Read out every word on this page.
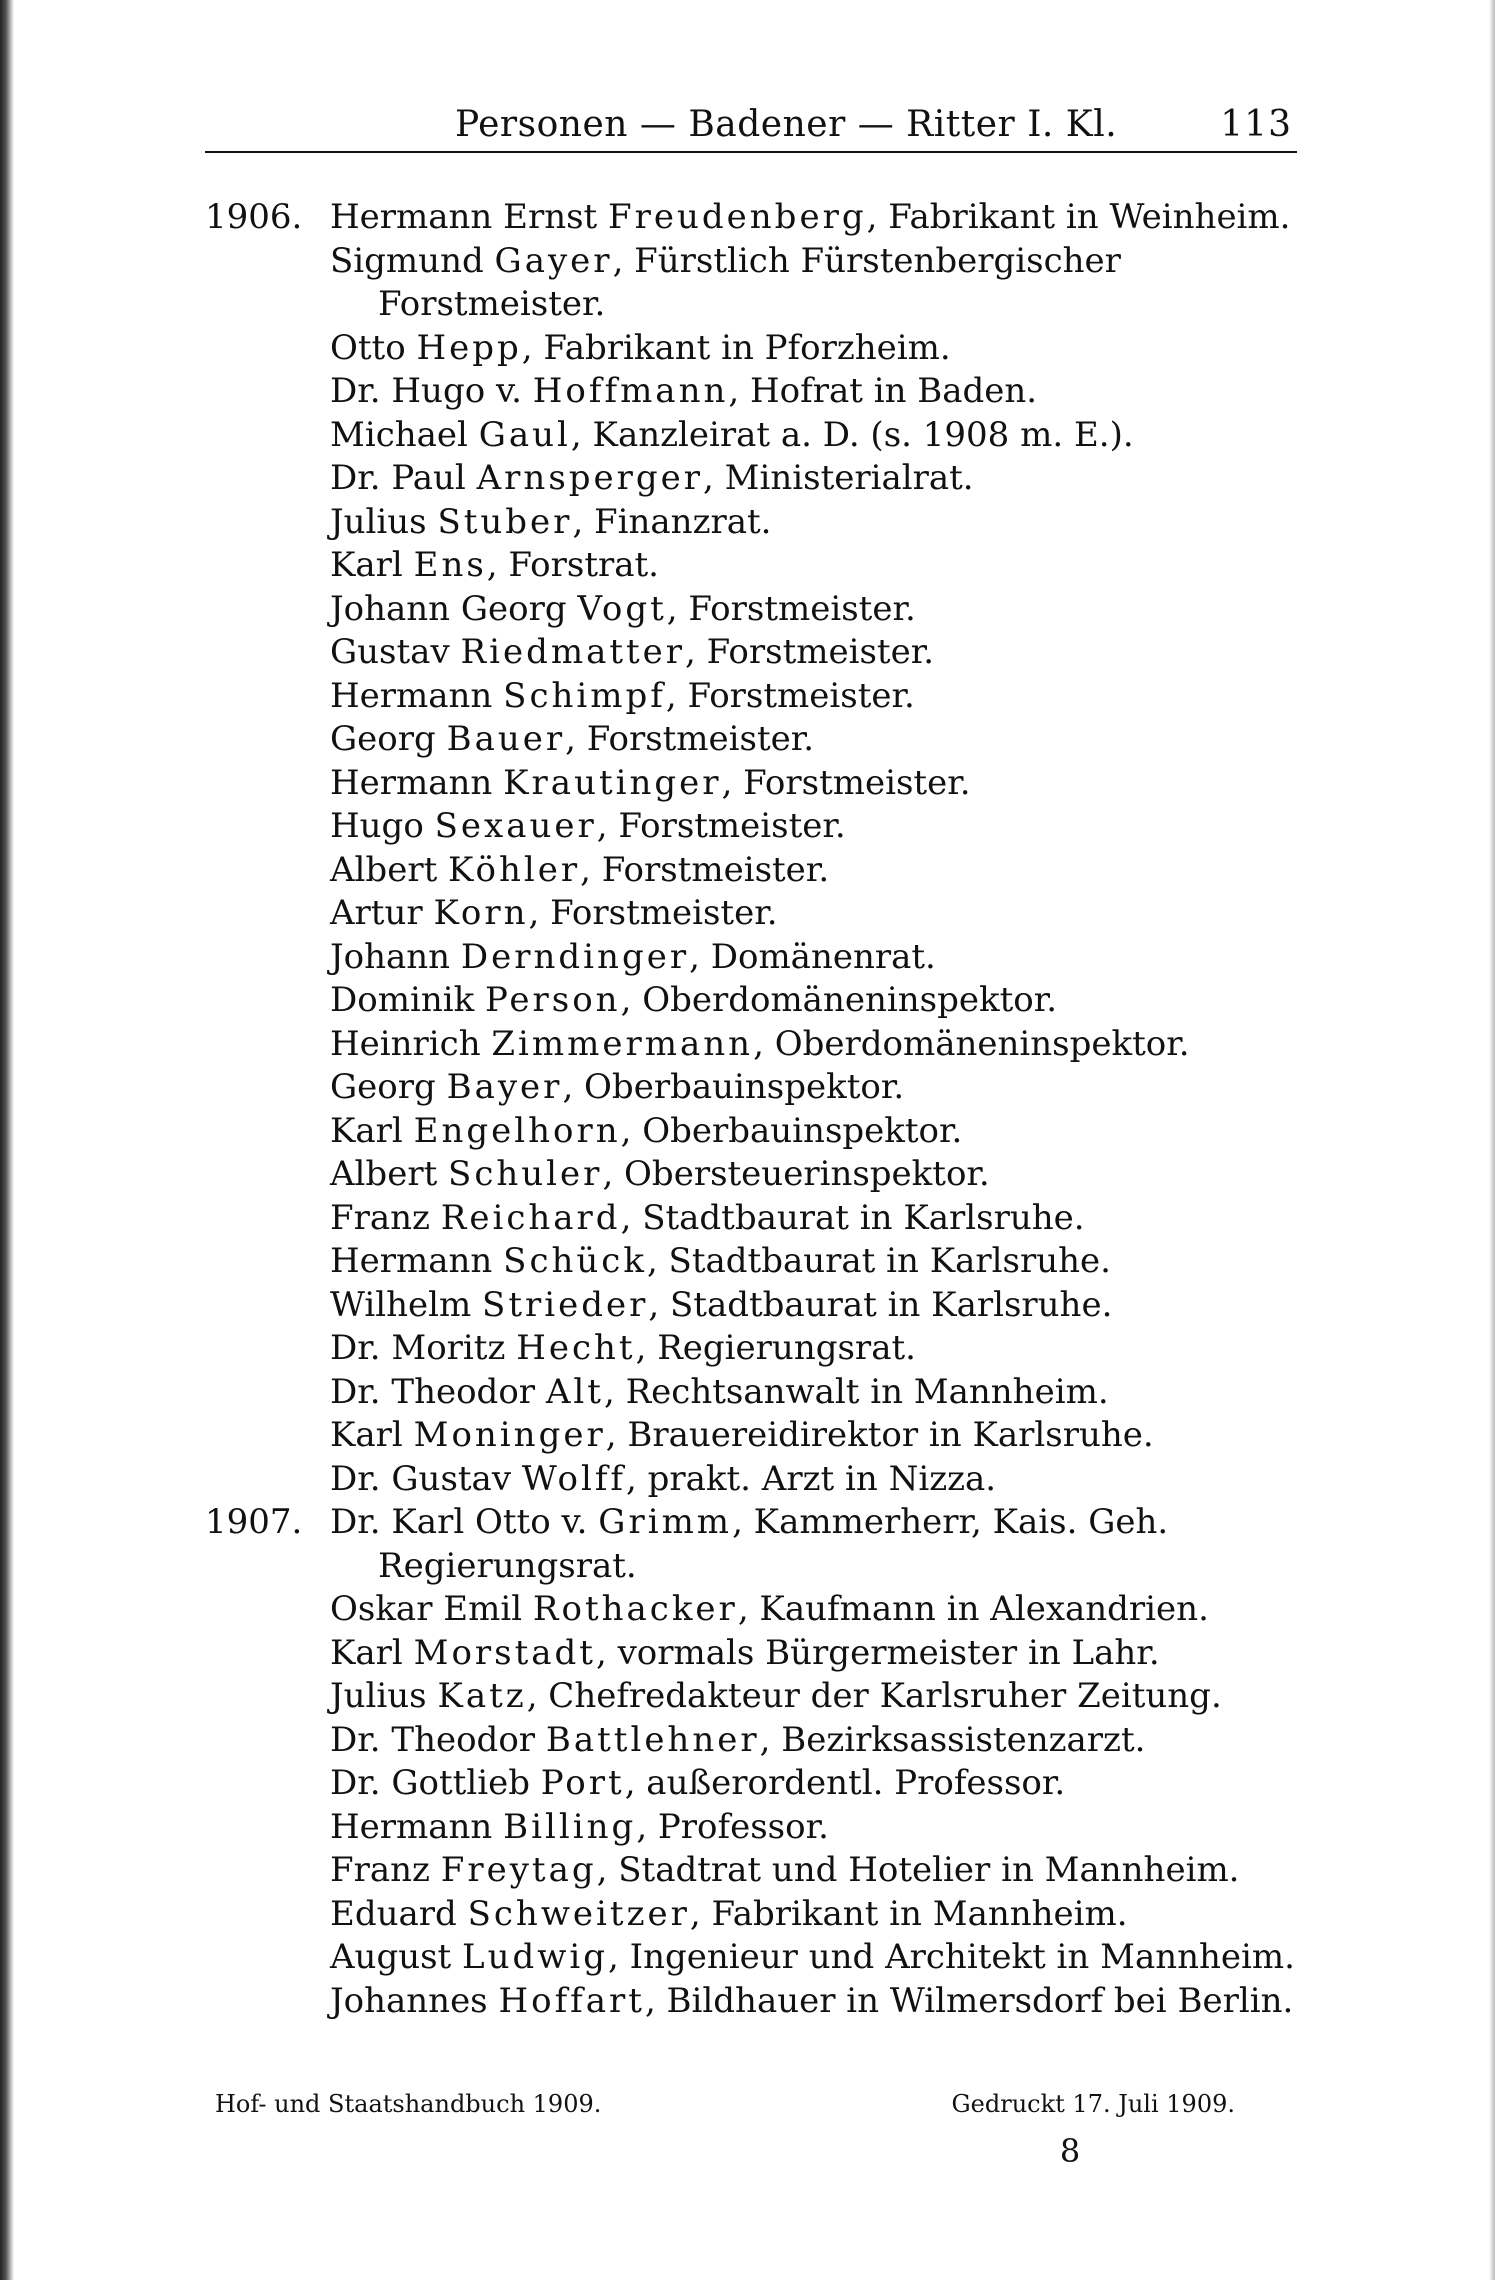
Personen — Badener — Ritter I. Kl.	113
1906. Hermann Ernst Freudenberg, Fabrikant in Weinheim.
Sigmund Gayer, Fürstlich Fürstenbergischer Forstmeister.
Otto Hepp, Fabrikant in Pforzheim.
Dr. Hugo v. Hoffmann, Hofrat in Baden.
Michael Gaul, Kanzleirat a. D. (s. 1908 m. E.).
Dr. Paul Arnsperger, Ministerialrat.
Julius Stuber, Finanzrat.
Karl Ens, Forstrat.
Johann Georg Vogt, Forstmeister.
Gustav Riedmatter, Forstmeister.
Hermann Schimpf, Forstmeister.
Georg Bauer, Forstmeister.
Hermann Krautinger, Forstmeister.
Hugo Sexauer, Forstmeister.
Albert Köhler, Forstmeister.
Artur Korn, Forstmeister.
Johann Derndinger, Domänenrat.
Dominik Person, Oberdomäneninspektor.
Heinrich Zimmermann, Oberdomäneninspektor.
Georg Bayer, Oberbauinspektor.
Karl Engelhorn, Oberbauinspektor.
Albert Schuler, Obersteuerinspektor.
Franz Reichard, Stadtbaurat in Karlsruhe.
Hermann Schück, Stadtbaurat in Karlsruhe.
Wilhelm Strieder, Stadtbaurat in Karlsruhe.
Dr. Moritz Hecht, Regierungsrat.
Dr. Theodor Alt, Rechtsanwalt in Mannheim.
Karl Moninger, Brauereidirektor in Karlsruhe.
Dr. Gustav Wolff, prakt. Arzt in Nizza.
1907. Dr. Karl Otto v. Grimm, Kammerherr, Kais. Geh. Regierungsrat.
Oskar Emil Rothacker, Kaufmann in Alexandrien.
Karl Morstadt, vormals Bürgermeister in Lahr.
Julius Katz, Chefredakteur der Karlsruher Zeitung.
Dr. Theodor Battlehner, Bezirksassistenzarzt.
Dr. Gottlieb Port, außerordentl. Professor.
Hermann Billing, Professor.
Franz Freytag, Stadtrat und Hotelier in Mannheim.
Eduard Schweitzer, Fabrikant in Mannheim.
August Ludwig, Ingenieur und Architekt in Mannheim.
Johannes Hoffart, Bildhauer in Wilmersdorf bei Berlin.
Hof- und Staatshandbuch 1909.	Gedruckt 17. Juli 1909.
8
